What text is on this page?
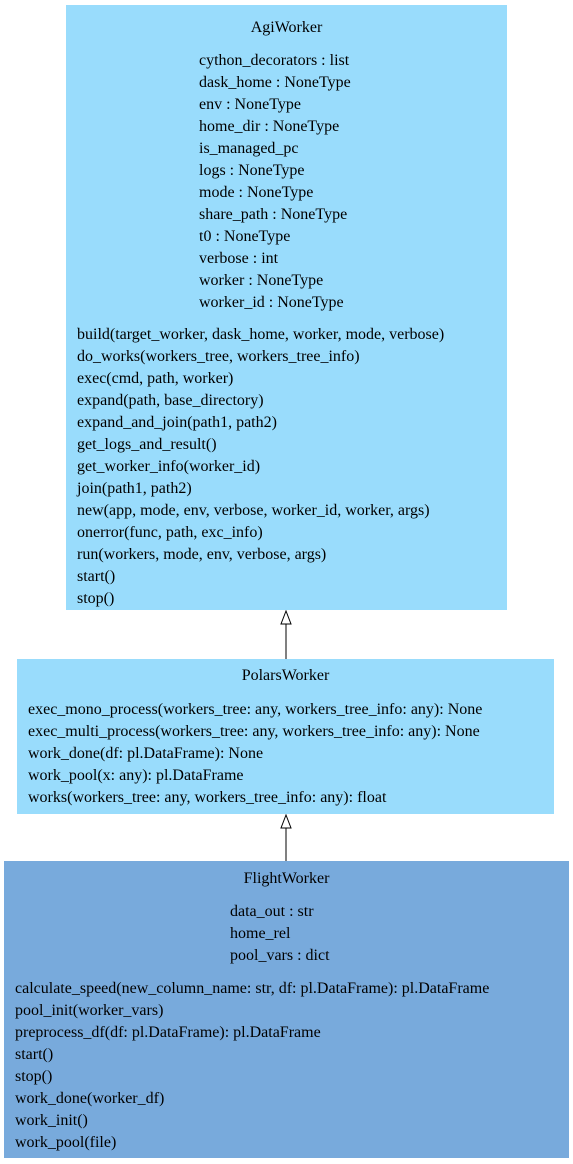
AgiWorker
cython_decorators : list
dask_home : NoneType
env : NoneType
home_dir : NoneType
is_managed_pc
logs : NoneType
mode : NoneType
share_path : NoneType
t0 : NoneType
verbose : int
worker : NoneType
worker_id : NoneType
build(target_worker, dask_home, worker, mode, verbose)
do_works(workers_tree, workers_tree_info)
exec(cmd, path, worker)
expand(path, base_directory)
expand_and_join(path1, path2)
get_logs_and_result()
get_worker_info(worker_id)
join(path1, path2)
new(app, mode, env, verbose, worker_id, worker, args)
onerror(func, path, exc_info)
run(workers, mode, env, verbose, args)
start()
stop()
PolarsWorker
exec_mono_process(workers_tree: any, workers_tree_info: any): None
exec_multi_process(workers_tree: any, workers_tree_info: any): None
work_done(df: pl.DataFrame): None
work_pool(x: any): pl.DataFrame
works(workers_tree: any, workers_tree_info: any): float
FlightWorker
data_out : str
home_rel
pool_vars : dict
calculate_speed(new_column_name: str, df: pl.DataFrame): pl.DataFrame
pool_init(worker_vars)
preprocess_df(df: pl.DataFrame): pl.DataFrame
start()
stop()
work_done(worker_df)
work_init()
work_pool(file)
